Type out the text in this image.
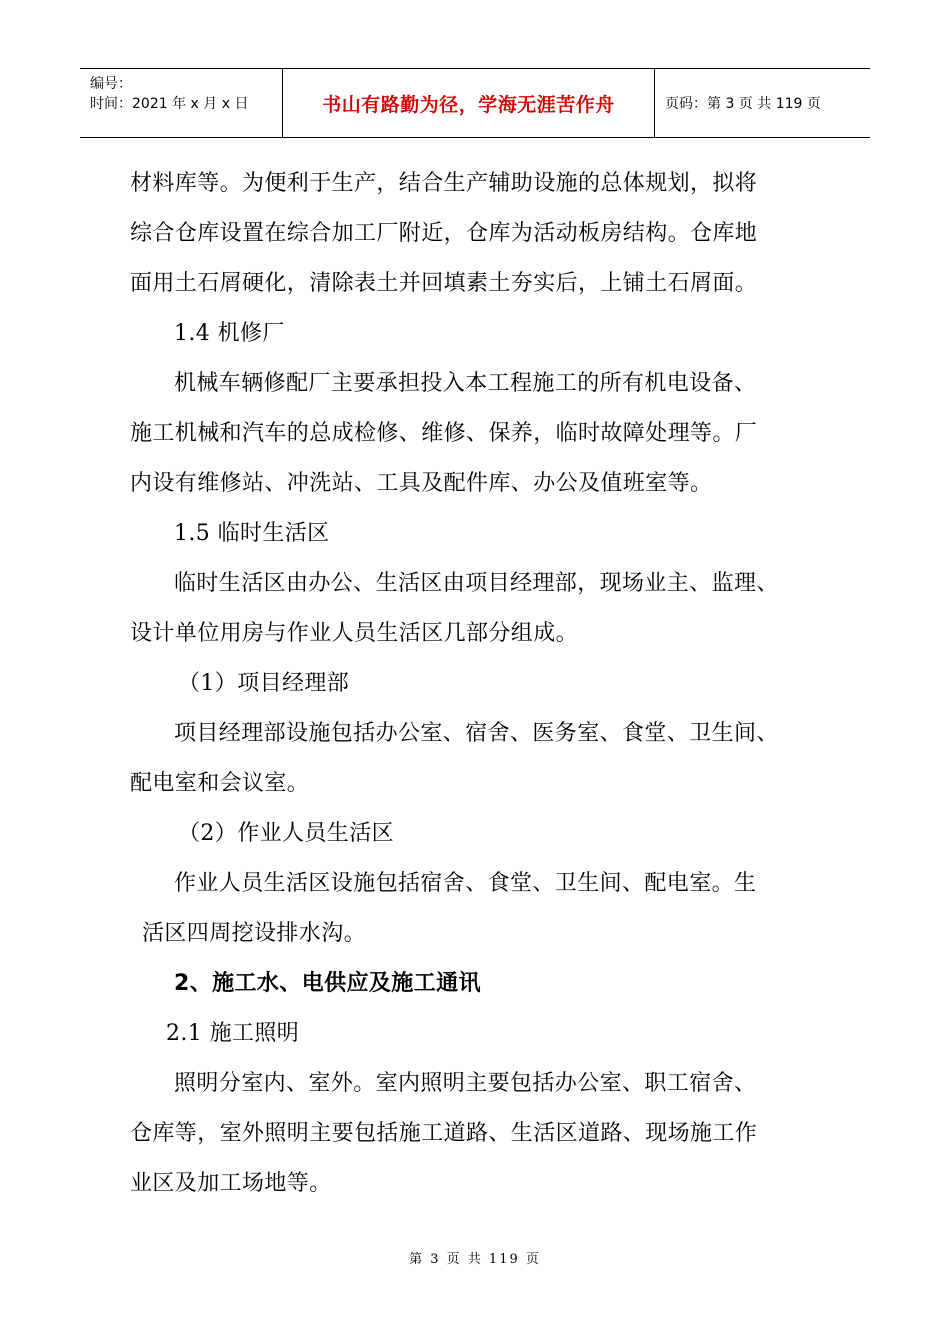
编号：
时间：2021 年 x 月 x 日	书山有路勤为径，学海无涯苦作舟	页码：第 3 页 共 119 页

材料库等。为便利于生产，结合生产辅助设施的总体规划，拟将

综合仓库设置在综合加工厂附近，仓库为活动板房结构。仓库地

面用土石屑硬化，清除表土并回填素土夯实后，上铺土石屑面。

1.4 机修厂

机械车辆修配厂主要承担投入本工程施工的所有机电设备、

施工机械和汽车的总成检修、维修、保养，临时故障处理等。厂

内设有维修站、冲洗站、工具及配件库、办公及值班室等。

1.5 临时生活区

临时生活区由办公、生活区由项目经理部，现场业主、监理、

设计单位用房与作业人员生活区几部分组成。

（1）项目经理部

项目经理部设施包括办公室、宿舍、医务室、食堂、卫生间、

配电室和会议室。

（2）作业人员生活区

作业人员生活区设施包括宿舍、食堂、卫生间、配电室。生

活区四周挖设排水沟。

2、施工水、电供应及施工通讯

2.1 施工照明

照明分室内、室外。室内照明主要包括办公室、职工宿舍、

仓库等，室外照明主要包括施工道路、生活区道路、现场施工作

业区及加工场地等。

第 3 页 共 119 页
